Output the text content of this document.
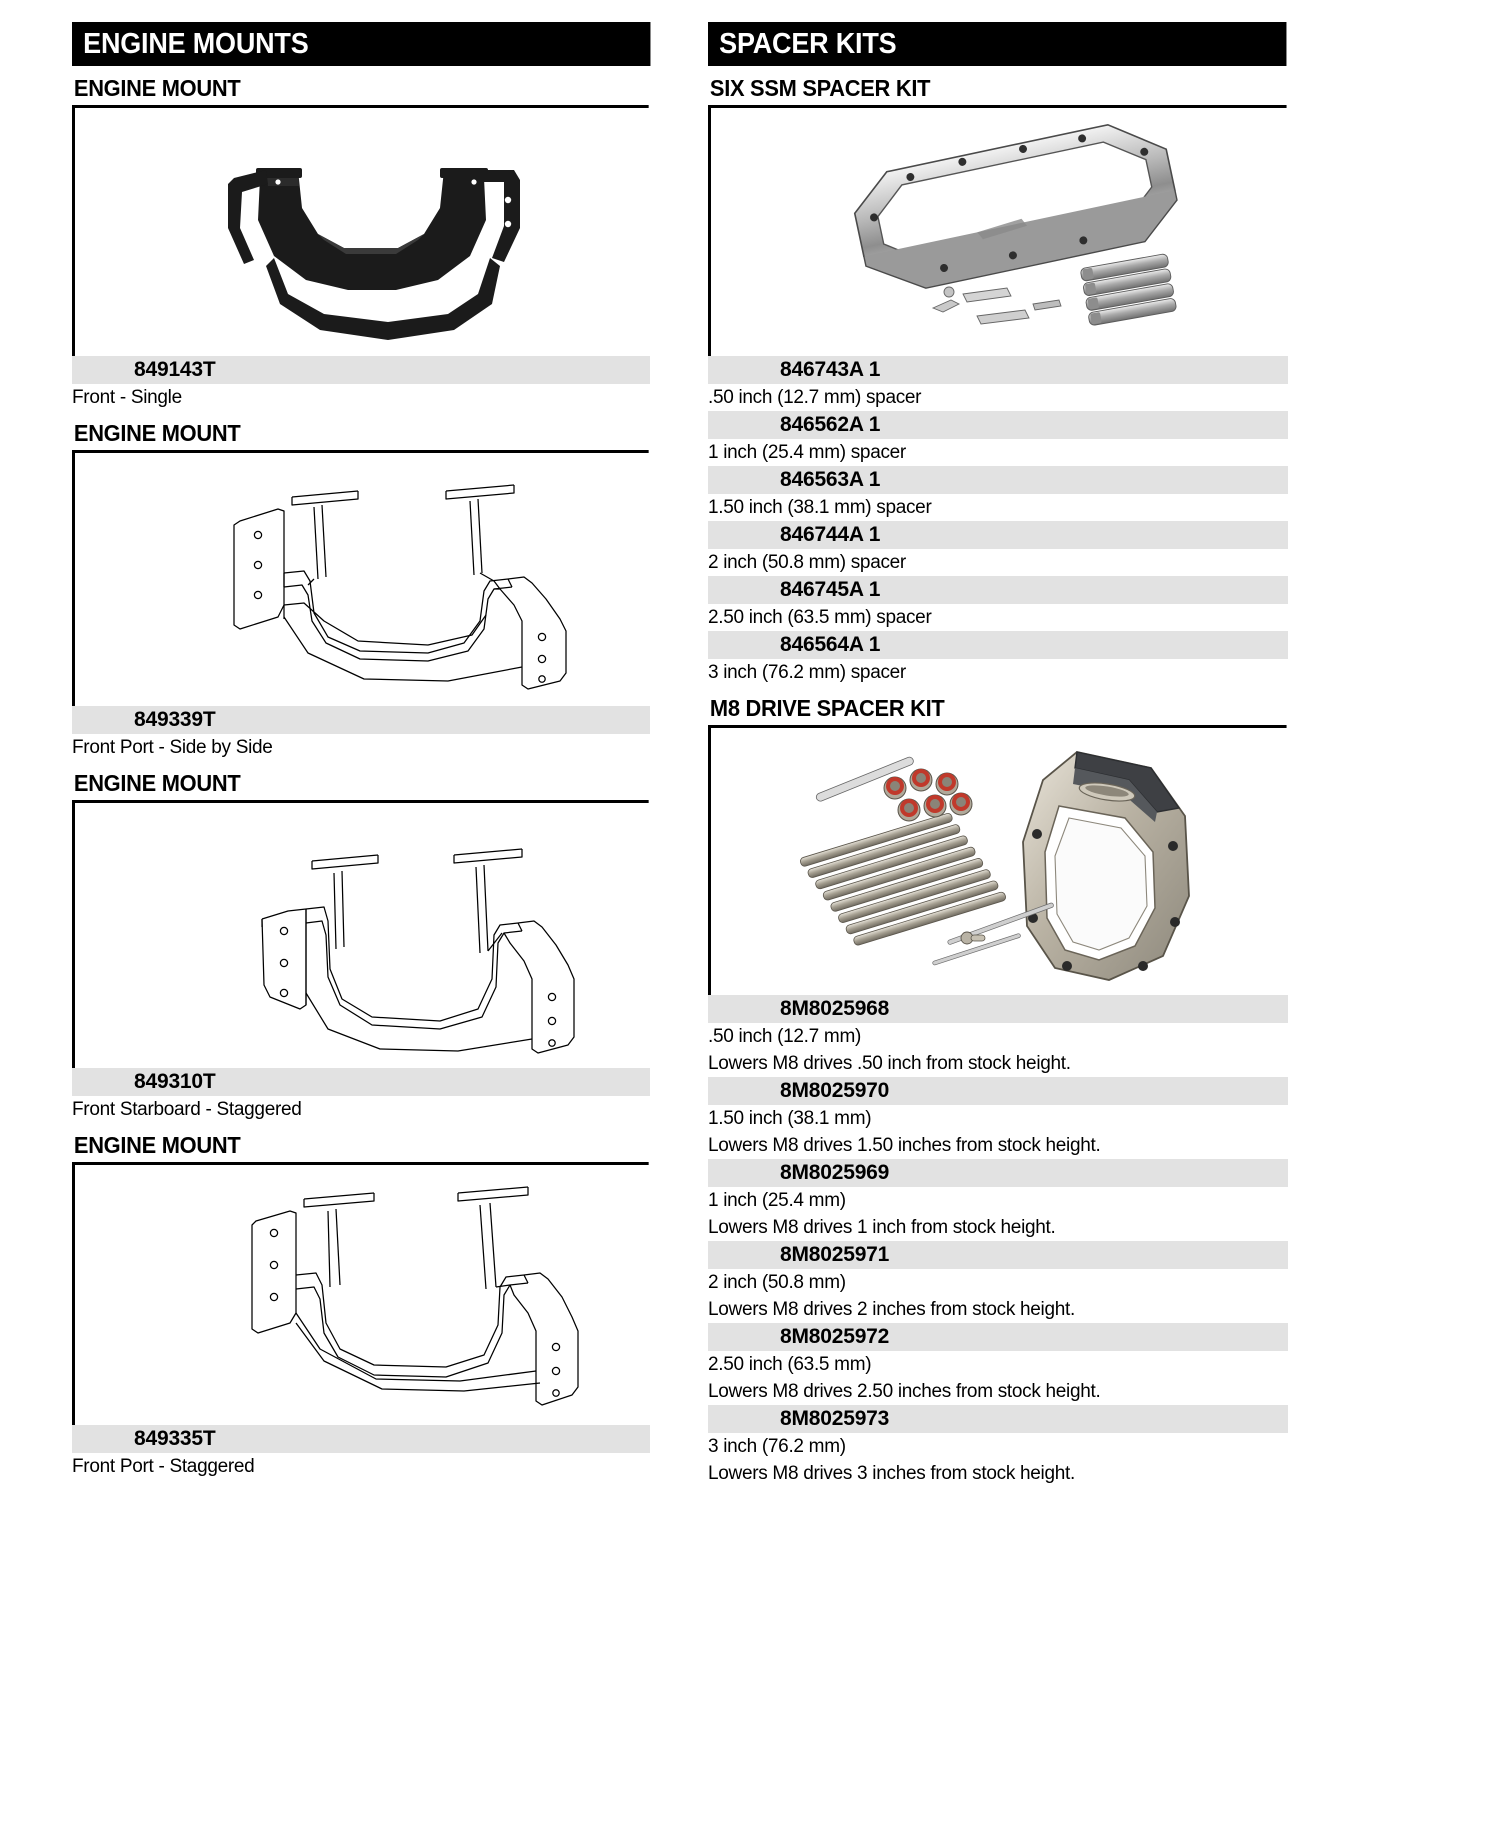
ENGINE MOUNTS
ENGINE MOUNT
849143T
Front - Single
ENGINE MOUNT
849339T
Front Port - Side by Side
ENGINE MOUNT
849310T
Front Starboard - Staggered
ENGINE MOUNT
849335T
Front Port - Staggered
SPACER KITS
SIX SSM SPACER KIT
846743A 1
.50 inch (12.7 mm) spacer
846562A 1
1 inch (25.4 mm) spacer
846563A 1
1.50 inch (38.1 mm) spacer
846744A 1
2 inch (50.8 mm) spacer
846745A 1
2.50 inch (63.5 mm) spacer
846564A 1
3 inch (76.2 mm) spacer
M8 DRIVE SPACER KIT
8M8025968
.50 inch (12.7 mm)
Lowers M8 drives .50 inch from stock height.
8M8025970
1.50 inch (38.1 mm)
Lowers M8 drives 1.50 inches from stock height.
8M8025969
1 inch (25.4 mm)
Lowers M8 drives 1 inch from stock height.
8M8025971
2 inch (50.8 mm)
Lowers M8 drives 2 inches from stock height.
8M8025972
2.50 inch (63.5 mm)
Lowers M8 drives 2.50 inches from stock height.
8M8025973
3 inch (76.2 mm)
Lowers M8 drives 3 inches from stock height.
